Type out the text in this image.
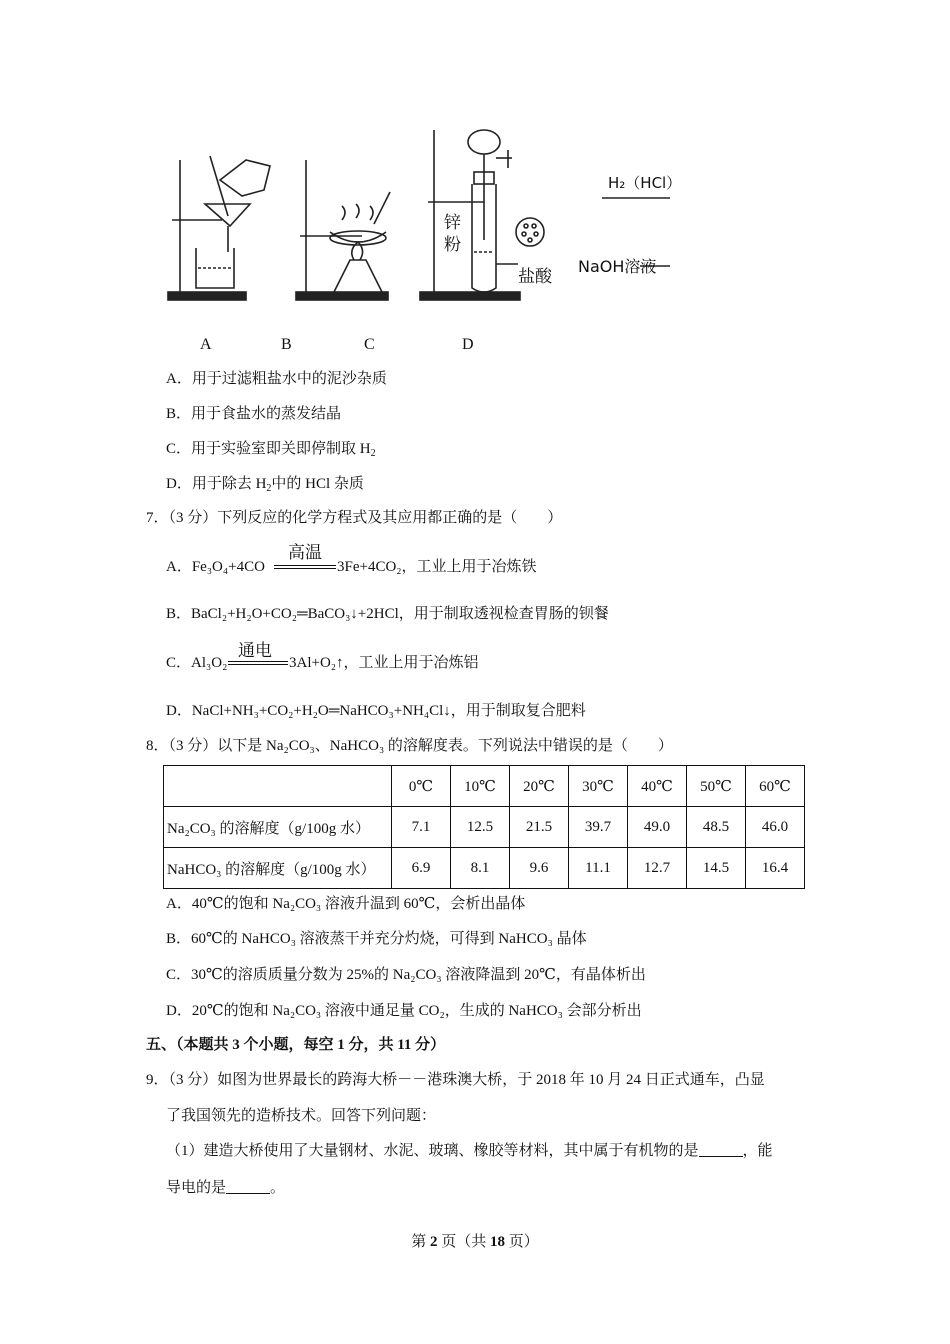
锌粉
盐酸
H₂（HCl）
NaOH溶液
A	B	C	D
A．用于过滤粗盐水中的泥沙杂质
B．用于食盐水的蒸发结晶
C．用于实验室即关即停制取 $H_2$
D．用于除去 $H_2$中的 HCl 杂质
7．（3 分）下列反应的化学方程式及其应用都正确的是（　　）
高温
A．Fe₃O₄+4CO	3Fe+4CO₂，工业上用于冶炼铁
B．BaCl₂+H₂O+CO₂═BaCO₃↓+2HCl，用于制取透视检查胃肠的钡餐
通电
C．Al₃O₂	3Al+O₂↑，工业上用于冶炼铝
D．NaCl+NH₃+CO₂+H₂O═NaHCO₃+NH₄Cl↓，用于制取复合肥料
8．（3 分）以下是 Na₂CO₃、NaHCO₃ 的溶解度表。下列说法中错误的是（　　）
	0℃	10℃	20℃	30℃	40℃	50℃	60℃
Na₂CO₃ 的溶解度（g/100g 水）	7.1	12.5	21.5	39.7	49.0	48.5	46.0
NaHCO₃ 的溶解度（g/100g 水）	6.9	8.1	9.6	11.1	12.7	14.5	16.4
A．40℃的饱和 Na₂CO₃ 溶液升温到 60℃，会析出晶体
B．60℃的 NaHCO₃ 溶液蒸干并充分灼烧，可得到 NaHCO₃ 晶体
C．30℃的溶质质量分数为 25%的 Na₂CO₃ 溶液降温到 20℃，有晶体析出
D．20℃的饱和 Na₂CO₃ 溶液中通足量 CO₂，生成的 NaHCO₃ 会部分析出
五、（本题共 3 个小题，每空 1 分，共 11 分）
9．（3 分）如图为世界最长的跨海大桥－－港珠澳大桥，于 2018 年 10 月 24 日正式通车，凸显
了我国领先的造桥技术。回答下列问题：
（1）建造大桥使用了大量钢材、水泥、玻璃、橡胶等材料，其中属于有机物的是	，能
导电的是	。
第 2 页（共 18 页）
